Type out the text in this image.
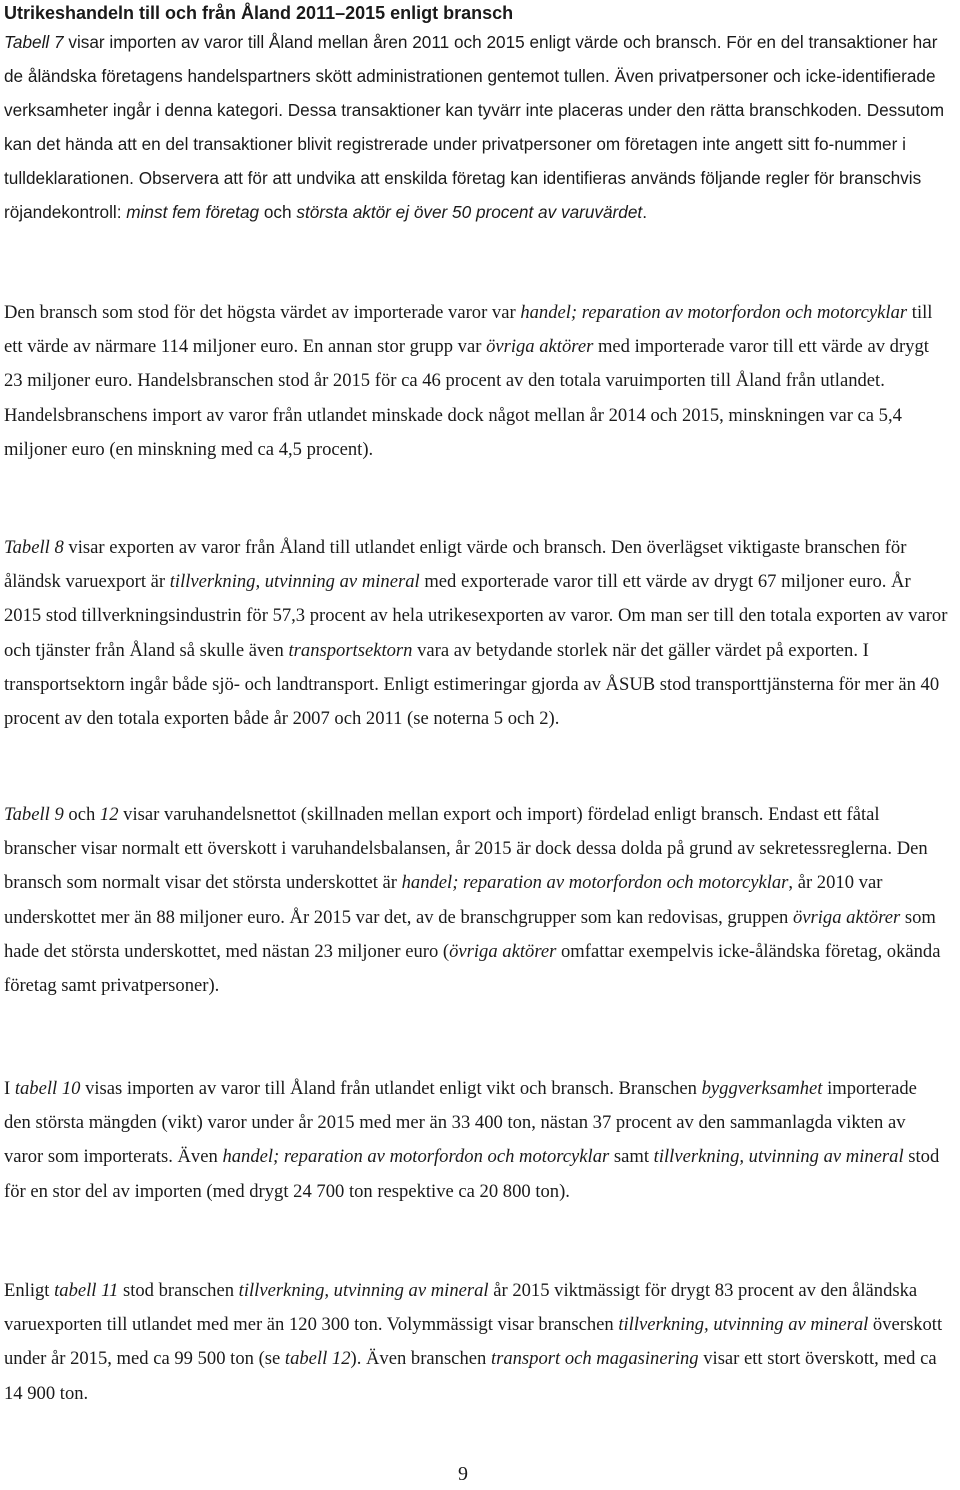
Utrikeshandeln till och från Åland 2011–2015 enligt bransch

Tabell 7 visar importen av varor till Åland mellan åren 2011 och 2015 enligt värde och bransch. För en del transaktioner har de åländska företagens handelspartners skött administrationen gentemot tullen. Även privatpersoner och icke-identifierade verksamheter ingår i denna kategori. Dessa transaktioner kan tyvärr inte placeras under den rätta branschkoden. Dessutom kan det hända att en del transaktioner blivit registrerade under privatpersoner om företagen inte angett sitt fo-nummer i tulldeklarationen. Observera att för att undvika att enskilda företag kan identifieras används följande regler för branschvis röjandekontroll: minst fem företag och största aktör ej över 50 procent av varuvärdet.

Den bransch som stod för det högsta värdet av importerade varor var handel; reparation av motorfordon och motorcyklar till ett värde av närmare 114 miljoner euro. En annan stor grupp var övriga aktörer med importerade varor till ett värde av drygt 23 miljoner euro. Handelsbranschen stod år 2015 för ca 46 procent av den totala varuimporten till Åland från utlandet. Handelsbranschens import av varor från utlandet minskade dock något mellan år 2014 och 2015, minskningen var ca 5,4 miljoner euro (en minskning med ca 4,5 procent).

Tabell 8 visar exporten av varor från Åland till utlandet enligt värde och bransch. Den överlägset viktigaste branschen för åländsk varuexport är tillverkning, utvinning av mineral med exporterade varor till ett värde av drygt 67 miljoner euro. År 2015 stod tillverkningsindustrin för 57,3 procent av hela utrikesexporten av varor. Om man ser till den totala exporten av varor och tjänster från Åland så skulle även transportsektorn vara av betydande storlek när det gäller värdet på exporten. I transportsektorn ingår både sjö- och landtransport. Enligt estimeringar gjorda av ÅSUB stod transporttjänsterna för mer än 40 procent av den totala exporten både år 2007 och 2011 (se noterna 5 och 2).

Tabell 9 och 12 visar varuhandelsnettot (skillnaden mellan export och import) fördelad enligt bransch. Endast ett fåtal branscher visar normalt ett överskott i varuhandelsbalansen, år 2015 är dock dessa dolda på grund av sekretessreglerna. Den bransch som normalt visar det största underskottet är handel; reparation av motorfordon och motorcyklar, år 2010 var underskottet mer än 88 miljoner euro. År 2015 var det, av de branschgrupper som kan redovisas, gruppen övriga aktörer som hade det största underskottet, med nästan 23 miljoner euro (övriga aktörer omfattar exempelvis icke-åländska företag, okända företag samt privatpersoner).

I tabell 10 visas importen av varor till Åland från utlandet enligt vikt och bransch. Branschen byggverksamhet importerade den största mängden (vikt) varor under år 2015 med mer än 33 400 ton, nästan 37 procent av den sammanlagda vikten av varor som importerats. Även handel; reparation av motorfordon och motorcyklar samt tillverkning, utvinning av mineral stod för en stor del av importen (med drygt 24 700 ton respektive ca 20 800 ton).

Enligt tabell 11 stod branschen tillverkning, utvinning av mineral år 2015 viktmässigt för drygt 83 procent av den åländska varuexporten till utlandet med mer än 120 300 ton. Volymmässigt visar branschen tillverkning, utvinning av mineral överskott under år 2015, med ca 99 500 ton (se tabell 12). Även branschen transport och magasinering visar ett stort överskott, med ca 14 900 ton.

9
